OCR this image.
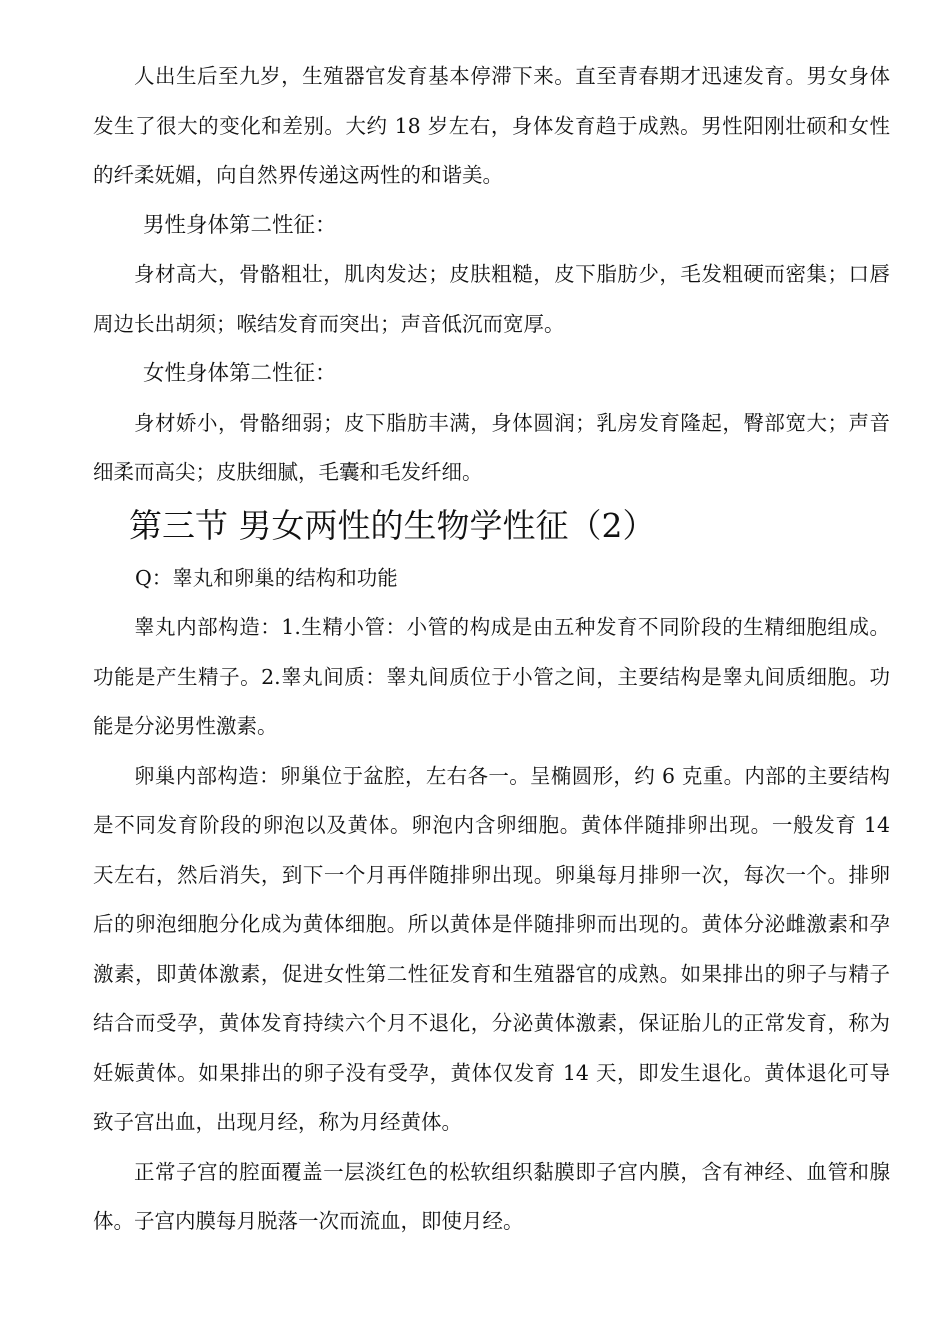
人出生后至九岁，生殖器官发育基本停滞下来。直至青春期才迅速发育。男女身体发生了很大的变化和差别。大约 18 岁左右，身体发育趋于成熟。男性阳刚壮硕和女性的纤柔妩媚，向自然界传递这两性的和谐美。

男性身体第二性征：

身材高大，骨骼粗壮，肌肉发达；皮肤粗糙，皮下脂肪少，毛发粗硬而密集；口唇周边长出胡须；喉结发育而突出；声音低沉而宽厚。

女性身体第二性征：

身材娇小，骨骼细弱；皮下脂肪丰满，身体圆润；乳房发育隆起，臀部宽大；声音细柔而高尖；皮肤细腻，毛囊和毛发纤细。

第三节 男女两性的生物学性征（2）

Q：睾丸和卵巢的结构和功能

睾丸内部构造：1.生精小管：小管的构成是由五种发育不同阶段的生精细胞组成。功能是产生精子。2.睾丸间质：睾丸间质位于小管之间，主要结构是睾丸间质细胞。功能是分泌男性激素。

卵巢内部构造：卵巢位于盆腔，左右各一。呈椭圆形，约 6 克重。内部的主要结构是不同发育阶段的卵泡以及黄体。卵泡内含卵细胞。黄体伴随排卵出现。一般发育 14 天左右，然后消失，到下一个月再伴随排卵出现。卵巢每月排卵一次，每次一个。排卵后的卵泡细胞分化成为黄体细胞。所以黄体是伴随排卵而出现的。黄体分泌雌激素和孕激素，即黄体激素，促进女性第二性征发育和生殖器官的成熟。如果排出的卵子与精子结合而受孕，黄体发育持续六个月不退化，分泌黄体激素，保证胎儿的正常发育，称为妊娠黄体。如果排出的卵子没有受孕，黄体仅发育 14 天，即发生退化。黄体退化可导致子宫出血，出现月经，称为月经黄体。

正常子宫的腔面覆盖一层淡红色的松软组织黏膜即子宫内膜，含有神经、血管和腺体。子宫内膜每月脱落一次而流血，即使月经。
